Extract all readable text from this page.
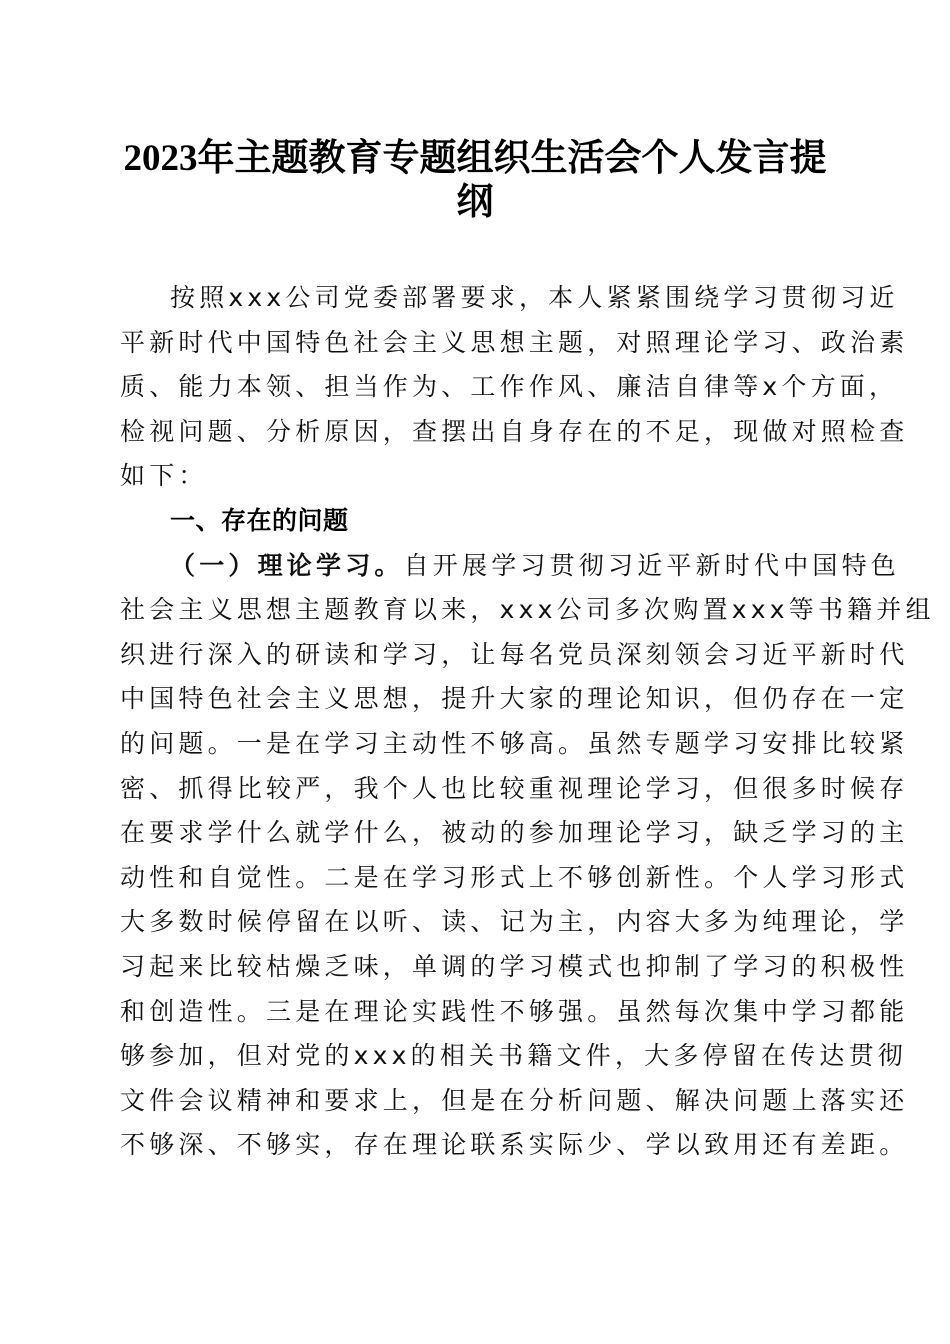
2023年主题教育专题组织生活会个人发言提
纲
按照xxx公司党委部署要求，本人紧紧围绕学习贯彻习近
平新时代中国特色社会主义思想主题，对照理论学习、政治素
质、能力本领、担当作为、工作作风、廉洁自律等x个方面，
检视问题、分析原因，查摆出自身存在的不足，现做对照检查
如下：
一、存在的问题
（一）理论学习。自开展学习贯彻习近平新时代中国特色
社会主义思想主题教育以来，xxx公司多次购置xxx等书籍并组
织进行深入的研读和学习，让每名党员深刻领会习近平新时代
中国特色社会主义思想，提升大家的理论知识，但仍存在一定
的问题。一是在学习主动性不够高。虽然专题学习安排比较紧
密、抓得比较严，我个人也比较重视理论学习，但很多时候存
在要求学什么就学什么，被动的参加理论学习，缺乏学习的主
动性和自觉性。二是在学习形式上不够创新性。个人学习形式
大多数时候停留在以听、读、记为主，内容大多为纯理论，学
习起来比较枯燥乏味，单调的学习模式也抑制了学习的积极性
和创造性。三是在理论实践性不够强。虽然每次集中学习都能
够参加，但对党的xxx的相关书籍文件，大多停留在传达贯彻
文件会议精神和要求上，但是在分析问题、解决问题上落实还
不够深、不够实，存在理论联系实际少、学以致用还有差距。
